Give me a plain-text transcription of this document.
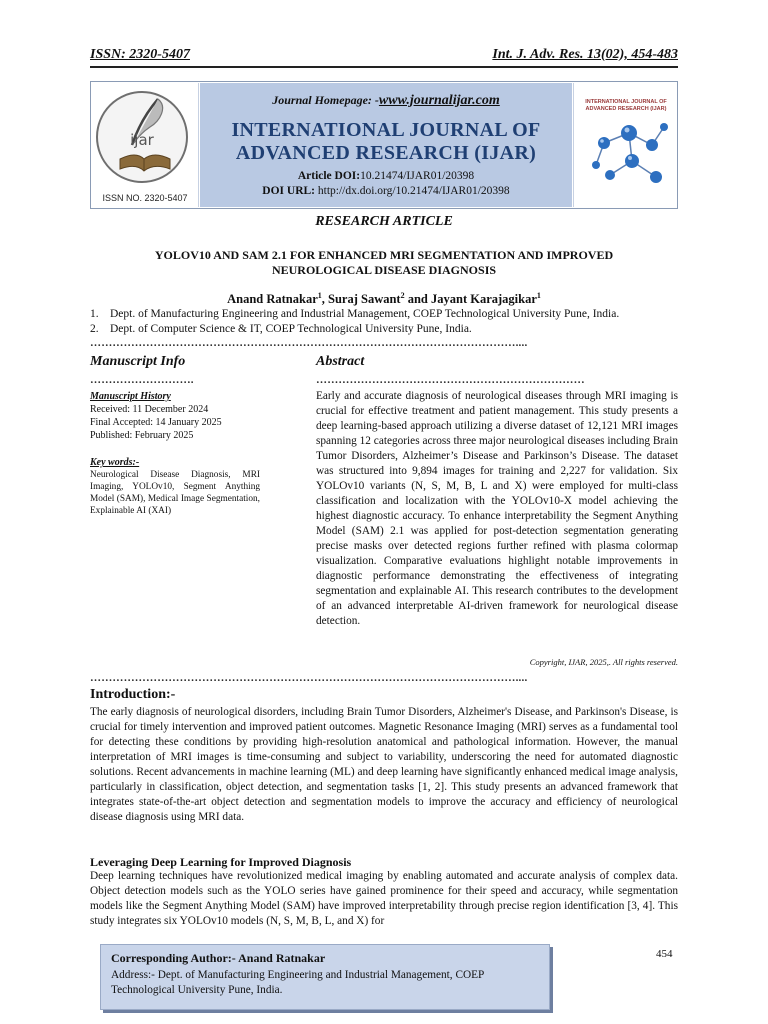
ISSN: 2320-5407	Int. J. Adv. Res. 13(02), 454-483
ijar
ISSN NO. 2320-5407
Journal Homepage: -www.journalijar.com
INTERNATIONAL JOURNAL OF
ADVANCED RESEARCH (IJAR)
Article DOI:10.21474/IJAR01/20398
DOI URL: http://dx.doi.org/10.21474/IJAR01/20398
INTERNATIONAL JOURNAL OF ADVANCED RESEARCH (IJAR)
RESEARCH ARTICLE
YOLOV10 AND SAM 2.1 FOR ENHANCED MRI SEGMENTATION AND IMPROVED
NEUROLOGICAL DISEASE DIAGNOSIS
Anand Ratnakar$^1$, Suraj Sawant$^2$ and Jayant Karajagikar$^1$
1. Dept. of Manufacturing Engineering and Industrial Management, COEP Technological University Pune, India.
2. Dept. of Computer Science & IT, COEP Technological University Pune, India.
……………………………………………………………………………………………………....
Manuscript Info
……………………….
Manuscript History
Received: 11 December 2024
Final Accepted: 14 January 2025
Published: February 2025
Key words:-
Neurological Disease Diagnosis, MRI Imaging, YOLOv10, Segment Anything Model (SAM), Medical Image Segmentation, Explainable AI (XAI)
Abstract
………………………………………………………………
Early and accurate diagnosis of neurological diseases through MRI imaging is crucial for effective treatment and patient management. This study presents a deep learning-based approach utilizing a diverse dataset of 12,121 MRI images spanning 12 categories across three major neurological diseases including Brain Tumor Disorders, Alzheimer’s Disease and Parkinson’s Disease. The dataset was structured into 9,894 images for training and 2,227 for validation. Six YOLOv10 variants (N, S, M, B, L and X) were employed for multi-class classification and localization with the YOLOv10-X model achieving the highest diagnostic accuracy. To enhance interpretability the Segment Anything Model (SAM) 2.1 was applied for post-detection segmentation generating precise masks over detected regions further refined with plasma colormap visualization. Comparative evaluations highlight notable improvements in diagnostic performance demonstrating the effectiveness of integrating segmentation and explainable AI. This research contributes to the development of an advanced interpretable AI-driven framework for neurological disease detection.
Copyright, IJAR, 2025,. All rights reserved.
……………………………………………………………………………………………………....
Introduction:-
The early diagnosis of neurological disorders, including Brain Tumor Disorders, Alzheimer's Disease, and Parkinson's Disease, is crucial for timely intervention and improved patient outcomes. Magnetic Resonance Imaging (MRI) serves as a fundamental tool for detecting these conditions by providing high-resolution anatomical and pathological information. However, the manual interpretation of MRI images is time-consuming and subject to variability, underscoring the need for automated diagnostic solutions. Recent advancements in machine learning (ML) and deep learning have significantly enhanced medical image analysis, particularly in classification, object detection, and segmentation tasks [1, 2]. This study presents an advanced framework that integrates state-of-the-art object detection and segmentation models to improve the accuracy and efficiency of neurological disease diagnosis using MRI data.
Leveraging Deep Learning for Improved Diagnosis
Deep learning techniques have revolutionized medical imaging by enabling automated and accurate analysis of complex data. Object detection models such as the YOLO series have gained prominence for their speed and accuracy, while segmentation models like the Segment Anything Model (SAM) have improved interpretability through precise region identification [3, 4]. This study integrates six YOLOv10 models (N, S, M, B, L, and X) for
Corresponding Author:- Anand Ratnakar
Address:- Dept. of Manufacturing Engineering and Industrial Management, COEP Technological University Pune, India.
454
